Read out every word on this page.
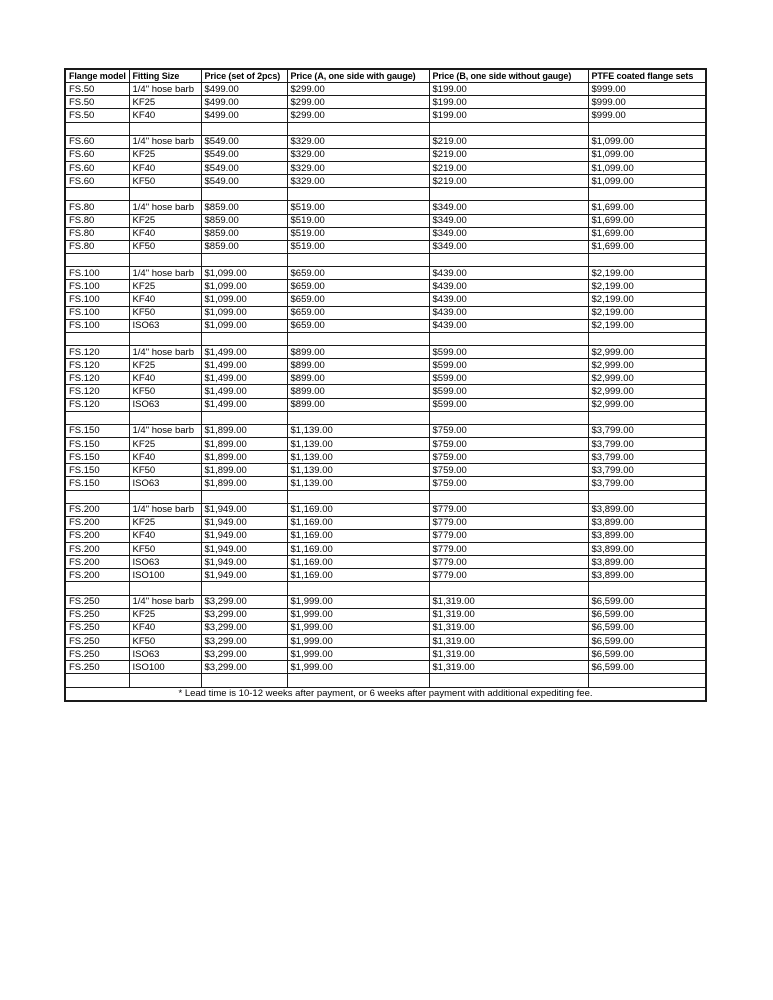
Flange model	Fitting Size	Price (set of 2pcs)	Price (A, one side with gauge)	Price (B, one side without gauge)	PTFE coated flange sets
FS.50	1/4" hose barb	$499.00	$299.00	$199.00	$999.00
FS.50	KF25	$499.00	$299.00	$199.00	$999.00
FS.50	KF40	$499.00	$299.00	$199.00	$999.00

FS.60	1/4" hose barb	$549.00	$329.00	$219.00	$1,099.00
FS.60	KF25	$549.00	$329.00	$219.00	$1,099.00
FS.60	KF40	$549.00	$329.00	$219.00	$1,099.00
FS.60	KF50	$549.00	$329.00	$219.00	$1,099.00

FS.80	1/4" hose barb	$859.00	$519.00	$349.00	$1,699.00
FS.80	KF25	$859.00	$519.00	$349.00	$1,699.00
FS.80	KF40	$859.00	$519.00	$349.00	$1,699.00
FS.80	KF50	$859.00	$519.00	$349.00	$1,699.00

FS.100	1/4" hose barb	$1,099.00	$659.00	$439.00	$2,199.00
FS.100	KF25	$1,099.00	$659.00	$439.00	$2,199.00
FS.100	KF40	$1,099.00	$659.00	$439.00	$2,199.00
FS.100	KF50	$1,099.00	$659.00	$439.00	$2,199.00
FS.100	ISO63	$1,099.00	$659.00	$439.00	$2,199.00

FS.120	1/4" hose barb	$1,499.00	$899.00	$599.00	$2,999.00
FS.120	KF25	$1,499.00	$899.00	$599.00	$2,999.00
FS.120	KF40	$1,499.00	$899.00	$599.00	$2,999.00
FS.120	KF50	$1,499.00	$899.00	$599.00	$2,999.00
FS.120	ISO63	$1,499.00	$899.00	$599.00	$2,999.00

FS.150	1/4" hose barb	$1,899.00	$1,139.00	$759.00	$3,799.00
FS.150	KF25	$1,899.00	$1,139.00	$759.00	$3,799.00
FS.150	KF40	$1,899.00	$1,139.00	$759.00	$3,799.00
FS.150	KF50	$1,899.00	$1,139.00	$759.00	$3,799.00
FS.150	ISO63	$1,899.00	$1,139.00	$759.00	$3,799.00

FS.200	1/4" hose barb	$1,949.00	$1,169.00	$779.00	$3,899.00
FS.200	KF25	$1,949.00	$1,169.00	$779.00	$3,899.00
FS.200	KF40	$1,949.00	$1,169.00	$779.00	$3,899.00
FS.200	KF50	$1,949.00	$1,169.00	$779.00	$3,899.00
FS.200	ISO63	$1,949.00	$1,169.00	$779.00	$3,899.00
FS.200	ISO100	$1,949.00	$1,169.00	$779.00	$3,899.00

FS.250	1/4" hose barb	$3,299.00	$1,999.00	$1,319.00	$6,599.00
FS.250	KF25	$3,299.00	$1,999.00	$1,319.00	$6,599.00
FS.250	KF40	$3,299.00	$1,999.00	$1,319.00	$6,599.00
FS.250	KF50	$3,299.00	$1,999.00	$1,319.00	$6,599.00
FS.250	ISO63	$3,299.00	$1,999.00	$1,319.00	$6,599.00
FS.250	ISO100	$3,299.00	$1,999.00	$1,319.00	$6,599.00

* Lead time is 10-12 weeks after payment, or 6 weeks after payment with additional expediting fee.					
